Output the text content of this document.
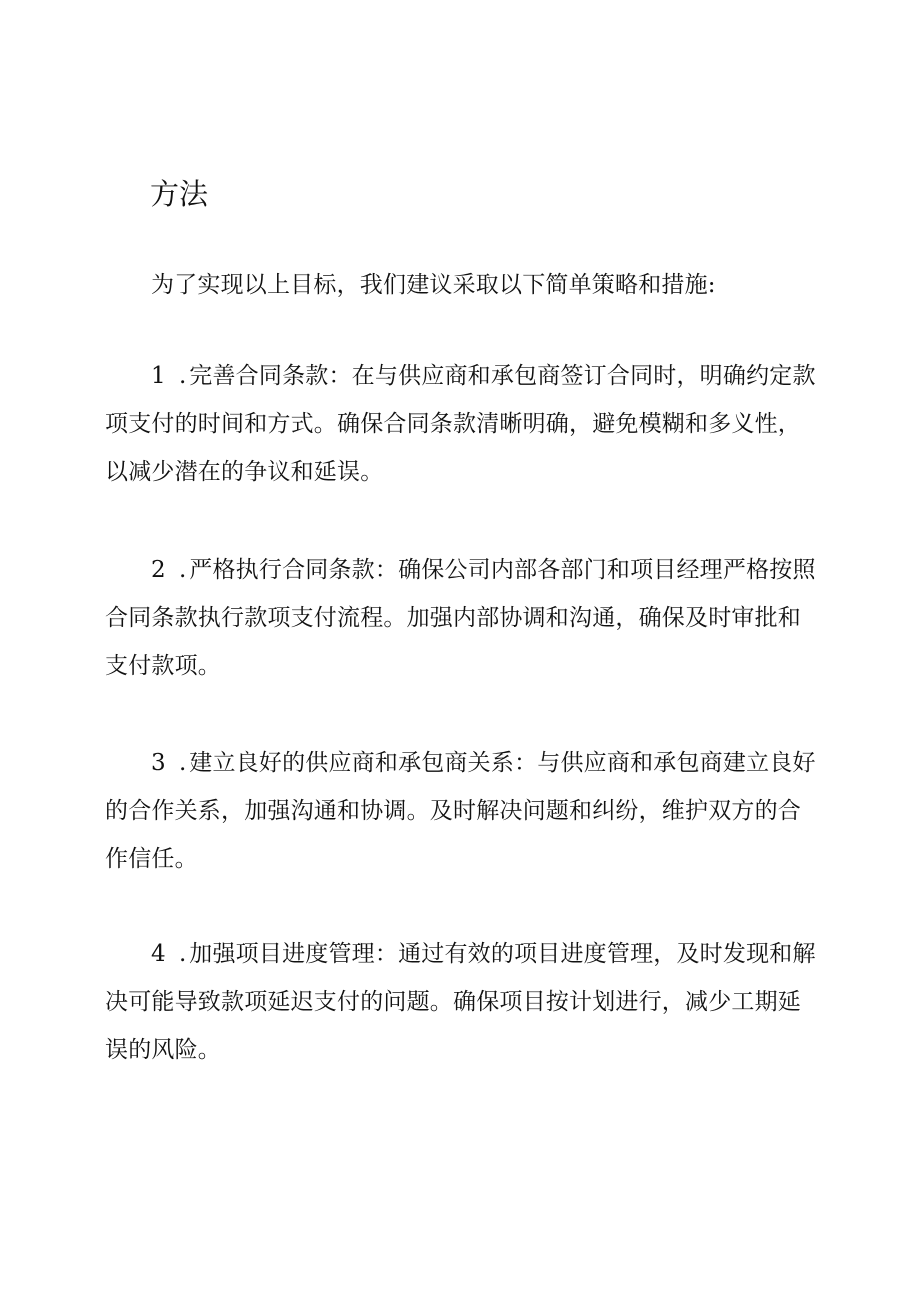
方法

为了实现以上目标，我们建议采取以下简单策略和措施:

1 .完善合同条款：在与供应商和承包商签订合同时，明确约定款项支付的时间和方式。确保合同条款清晰明确，避免模糊和多义性，以减少潜在的争议和延误。

2 .严格执行合同条款：确保公司内部各部门和项目经理严格按照合同条款执行款项支付流程。加强内部协调和沟通，确保及时审批和支付款项。

3 .建立良好的供应商和承包商关系：与供应商和承包商建立良好的合作关系，加强沟通和协调。及时解决问题和纠纷，维护双方的合作信任。

4 .加强项目进度管理：通过有效的项目进度管理，及时发现和解决可能导致款项延迟支付的问题。确保项目按计划进行，减少工期延误的风险。
